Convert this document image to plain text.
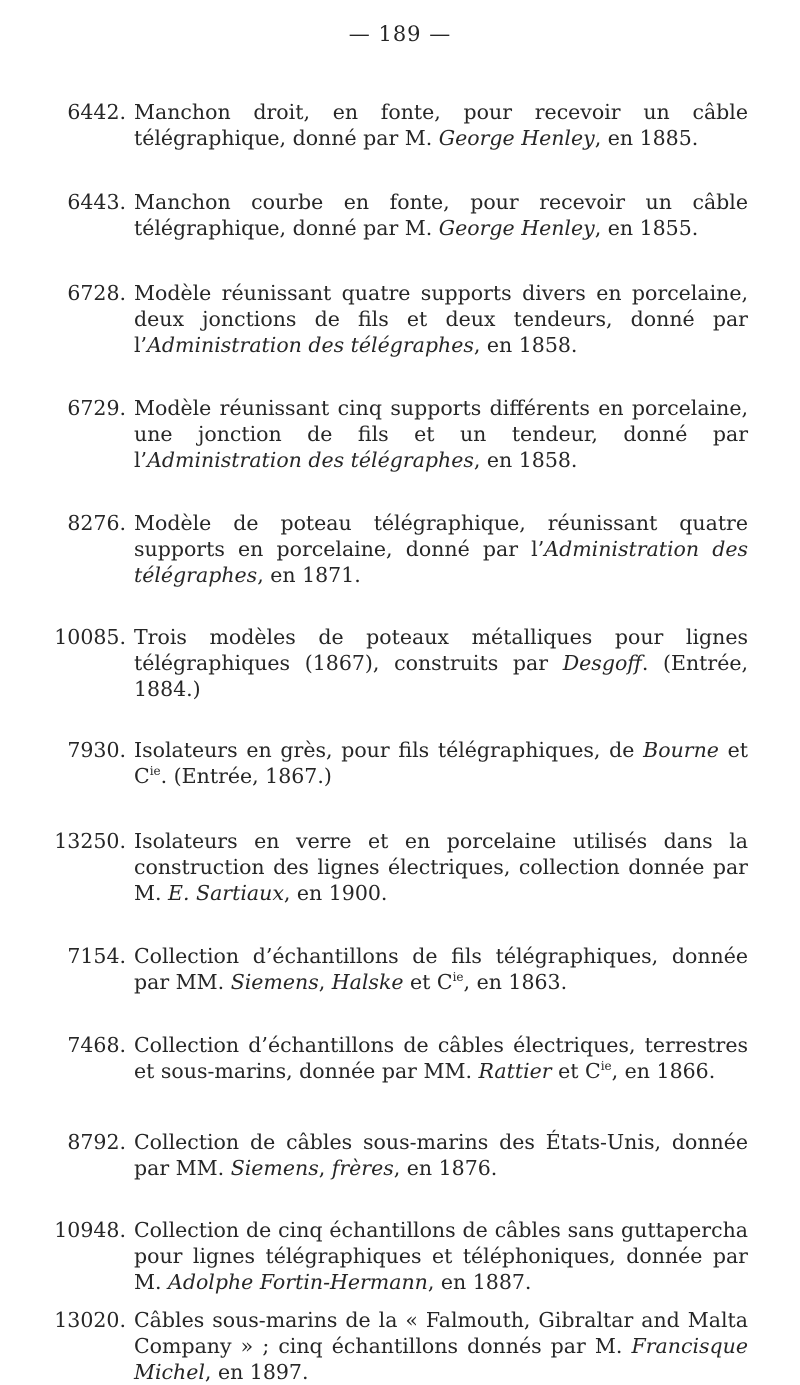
— 189 —
6442. Manchon droit, en fonte, pour recevoir un câble télégraphique, donné par M. George Henley, en 1885.
6443. Manchon courbe en fonte, pour recevoir un câble télégraphique, donné par M. George Henley, en 1855.
6728. Modèle réunissant quatre supports divers en porcelaine, deux jonctions de fils et deux tendeurs, donné par l’Administration des télégraphes, en 1858.
6729. Modèle réunissant cinq supports différents en porcelaine, une jonction de fils et un tendeur, donné par l’Administration des télégraphes, en 1858.
8276. Modèle de poteau télégraphique, réunissant quatre supports en porcelaine, donné par l’Administration des télégraphes, en 1871.
10085. Trois modèles de poteaux métalliques pour lignes télégraphiques (1867), construits par Desgoff. (Entrée, 1884.)
7930. Isolateurs en grès, pour fils télégraphiques, de Bourne et $C^{ie}$. (Entrée, 1867.)
13250. Isolateurs en verre et en porcelaine utilisés dans la construction des lignes électriques, collection donnée par M. E. Sartiaux, en 1900.
7154. Collection d’échantillons de fils télégraphiques, donnée par MM. Siemens, Halske et $C^{ie}$, en 1863.
7468. Collection d’échantillons de câbles électriques, terrestres et sous-marins, donnée par MM. Rattier et $C^{ie}$, en 1866.
8792. Collection de câbles sous-marins des États-Unis, donnée par MM. Siemens, frères, en 1876.
10948. Collection de cinq échantillons de câbles sans guttapercha pour lignes télégraphiques et téléphoniques, donnée par M. Adolphe Fortin-Hermann, en 1887.
13020. Câbles sous-marins de la « Falmouth, Gibraltar and Malta Company » ; cinq échantillons donnés par M. Francisque Michel, en 1897.
